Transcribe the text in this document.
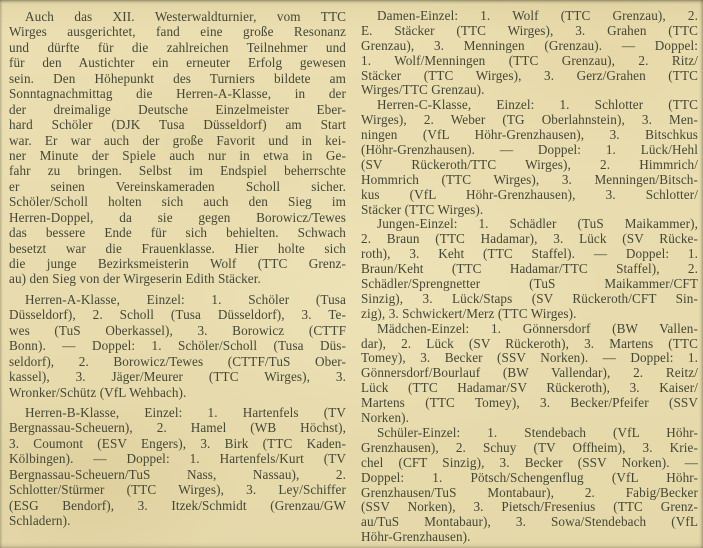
Auch das XII. Westerwaldturnier, vom TTC
Wirges ausgerichtet, fand eine große Resonanz
und dürfte für die zahlreichen Teilnehmer und
für den Austichter ein erneuter Erfolg gewesen
sein. Den Höhepunkt des Turniers bildete am
Sonntagnachmittag die Herren-A-Klasse, in der
der dreimalige Deutsche Einzelmeister Eber-
hard Schöler (DJK Tusa Düsseldorf) am Start
war. Er war auch der große Favorit und in kei-
ner Minute der Spiele auch nur in etwa in Ge-
fahr zu bringen. Selbst im Endspiel beherrschte
er seinen Vereinskameraden Scholl sicher.
Schöler/Scholl holten sich auch den Sieg im
Herren-Doppel, da sie gegen Borowicz/Tewes
das bessere Ende für sich behielten. Schwach
besetzt war die Frauenklasse. Hier holte sich
die junge Bezirksmeisterin Wolf (TTC Grenz-
au) den Sieg von der Wirgeserin Edith Stäcker.
Herren-A-Klasse, Einzel: 1. Schöler (Tusa
Düsseldorf), 2. Scholl (Tusa Düsseldorf), 3. Te-
wes (TuS Oberkassel), 3. Borowicz (CTTF
Bonn). — Doppel: 1. Schöler/Scholl (Tusa Düs-
seldorf), 2. Borowicz/Tewes (CTTF/TuS Ober-
kassel), 3. Jäger/Meurer (TTC Wirges), 3.
Wronker/Schütz (VfL Wehbach).
Herren-B-Klasse, Einzel: 1. Hartenfels (TV
Bergnassau-Scheuern), 2. Hamel (WB Höchst),
3. Coumont (ESV Engers), 3. Birk (TTC Kaden-
Kölbingen). — Doppel: 1. Hartenfels/Kurt (TV
Bergnassau-Scheuern/TuS Nass, Nassau), 2.
Schlotter/Stürmer (TTC Wirges), 3. Ley/Schiffer
(ESG Bendorf), 3. Itzek/Schmidt (Grenzau/GW
Schladern).
Damen-Einzel: 1. Wolf (TTC Grenzau), 2.
E. Stäcker (TTC Wirges), 3. Grahen (TTC
Grenzau), 3. Menningen (Grenzau). — Doppel:
1. Wolf/Menningen (TTC Grenzau), 2. Ritz/
Stäcker (TTC Wirges), 3. Gerz/Grahen (TTC
Wirges/TTC Grenzau).
Herren-C-Klasse, Einzel: 1. Schlotter (TTC
Wirges), 2. Weber (TG Oberlahnstein), 3. Men-
ningen (VfL Höhr-Grenzhausen), 3. Bitschkus
(Höhr-Grenzhausen). — Doppel: 1. Lück/Hehl
(SV Rückeroth/TTC Wirges), 2. Himmrich/
Hommrich (TTC Wirges), 3. Menningen/Bitsch-
kus (VfL Höhr-Grenzhausen), 3. Schlotter/
Stäcker (TTC Wirges).
Jungen-Einzel: 1. Schädler (TuS Maikammer),
2. Braun (TTC Hadamar), 3. Lück (SV Rücke-
roth), 3. Keht (TTC Staffel). — Doppel: 1.
Braun/Keht (TTC Hadamar/TTC Staffel), 2.
Schädler/Sprengnetter (TuS Maikammer/CFT
Sinzig), 3. Lück/Staps (SV Rückeroth/CFT Sin-
zig), 3. Schwickert/Merz (TTC Wirges).
Mädchen-Einzel: 1. Gönnersdorf (BW Vallen-
dar), 2. Lück (SV Rückeroth), 3. Martens (TTC
Tomey), 3. Becker (SSV Norken). — Doppel: 1.
Gönnersdorf/Bourlauf (BW Vallendar), 2. Reitz/
Lück (TTC Hadamar/SV Rückeroth), 3. Kaiser/
Martens (TTC Tomey), 3. Becker/Pfeifer (SSV
Norken).
Schüler-Einzel: 1. Stendebach (VfL Höhr-
Grenzhausen), 2. Schuy (TV Offheim), 3. Krie-
chel (CFT Sinzig), 3. Becker (SSV Norken). —
Doppel: 1. Pötsch/Schengenflug (VfL Höhr-
Grenzhausen/TuS Montabaur), 2. Fabig/Becker
(SSV Norken), 3. Pietsch/Fresenius (TTC Grenz-
au/TuS Montabaur), 3. Sowa/Stendebach (VfL
Höhr-Grenzhausen).
